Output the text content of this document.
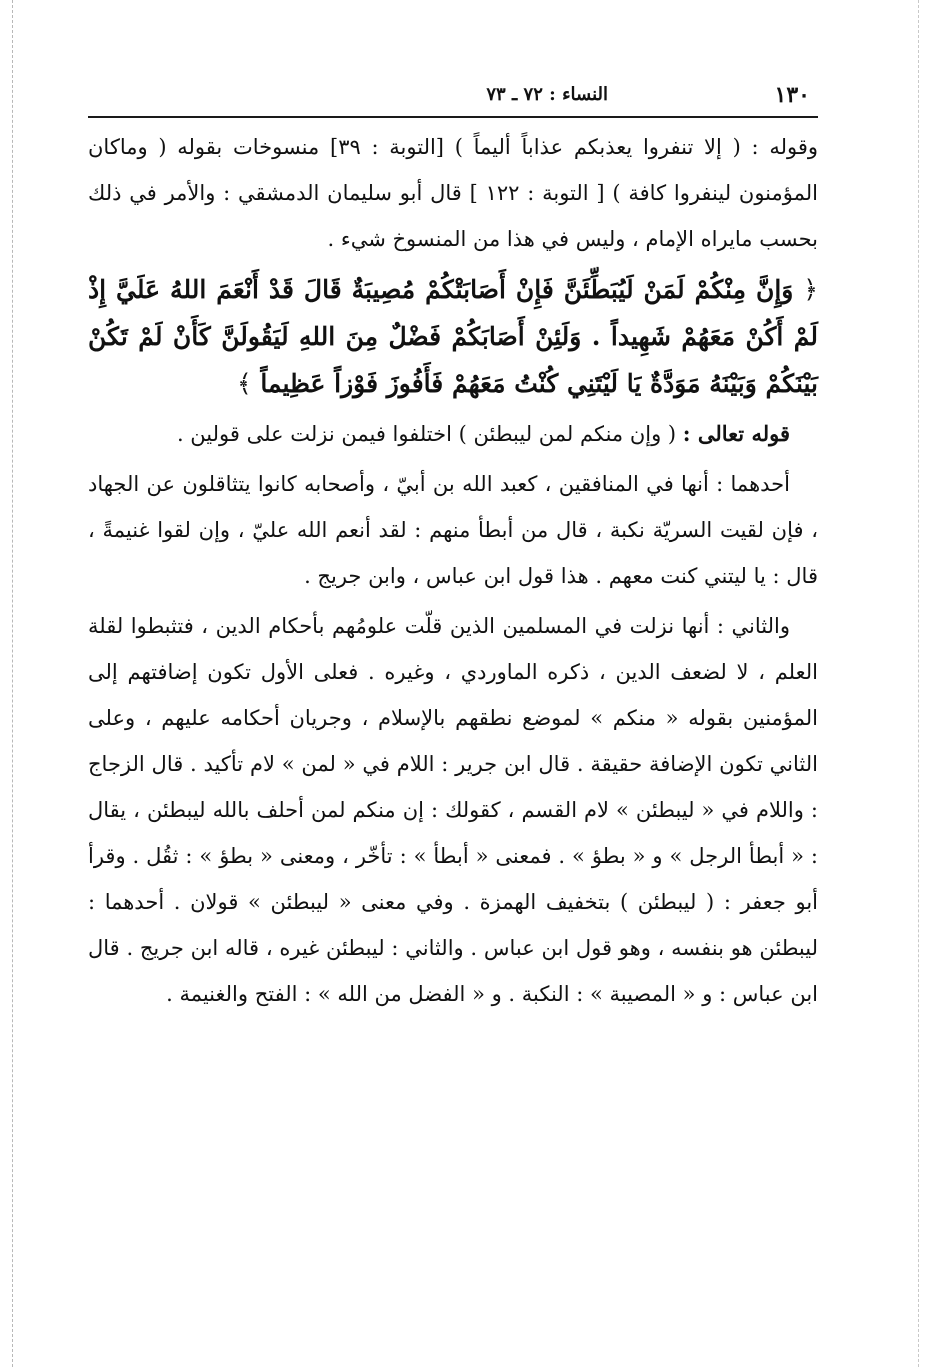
١٣٠
النساء : ٧٢ ـ ٧٣

وقوله : ( إلا تنفروا يعذبكم عذاباً أليماً ) [التوبة : ٣٩] منسوخات بقوله ( وماكان المؤمنون لينفروا كافة ) [ التوبة : ١٢٢ ] قال أبو سليمان الدمشقي : والأمر في ذلك بحسب مايراه الإمام ، وليس في هذا من المنسوخ شيء .

﴿ وَإِنَّ مِنْكُمْ لَمَنْ لَيُبَطِّئَنَّ فَإِنْ أَصَابَتْكُمْ مُصِيبَةٌ قَالَ قَدْ أَنْعَمَ اللهُ عَلَيَّ إِذْ لَمْ أَكُنْ مَعَهُمْ شَهِيداً . وَلَئِنْ أَصَابَكُمْ فَضْلٌ مِنَ اللهِ لَيَقُولَنَّ كَأَنْ لَمْ تَكُنْ بَيْنَكُمْ وَبَيْنَهُ مَوَدَّةٌ يَا لَيْتَنِي كُنْتُ مَعَهُمْ فَأَفُوزَ فَوْزاً عَظِيماً ﴾

قوله تعالى : ( وإن منكم لمن ليبطئن ) اختلفوا فيمن نزلت على قولين .

أحدهما : أنها في المنافقين ، كعبد الله بن أبيّ ، وأصحابه كانوا يتثاقلون عن الجهاد ، فإن لقيت السريّة نكبة ، قال من أبطأ منهم : لقد أنعم الله عليّ ، وإن لقوا غنيمةً ، قال : يا ليتني كنت معهم . هذا قول ابن عباس ، وابن جريج .

والثاني : أنها نزلت في المسلمين الذين قلّت علومُهم بأحكام الدين ، فتثبطوا لقلة العلم ، لا لضعف الدين ، ذكره الماوردي ، وغيره . فعلى الأول تكون إضافتهم إلى المؤمنين بقوله « منكم » لموضع نطقهم بالإسلام ، وجريان أحكامه عليهم ، وعلى الثاني تكون الإضافة حقيقة . قال ابن جرير : اللام في « لمن » لام تأكيد . قال الزجاج : واللام في « ليبطئن » لام القسم ، كقولك : إن منكم لمن أحلف بالله ليبطئن ، يقال : « أبطأ الرجل » و « بطؤ » . فمعنى « أبطأ » : تأخّر ، ومعنى « بطؤ » : ثقُل . وقرأ أبو جعفر : ( ليبطئن ) بتخفيف الهمزة . وفي معنى « ليبطئن » قولان . أحدهما : ليبطئن هو بنفسه ، وهو قول ابن عباس . والثاني : ليبطئن غيره ، قاله ابن جريج . قال ابن عباس : و « المصيبة » : النكبة . و « الفضل من الله » : الفتح والغنيمة .
